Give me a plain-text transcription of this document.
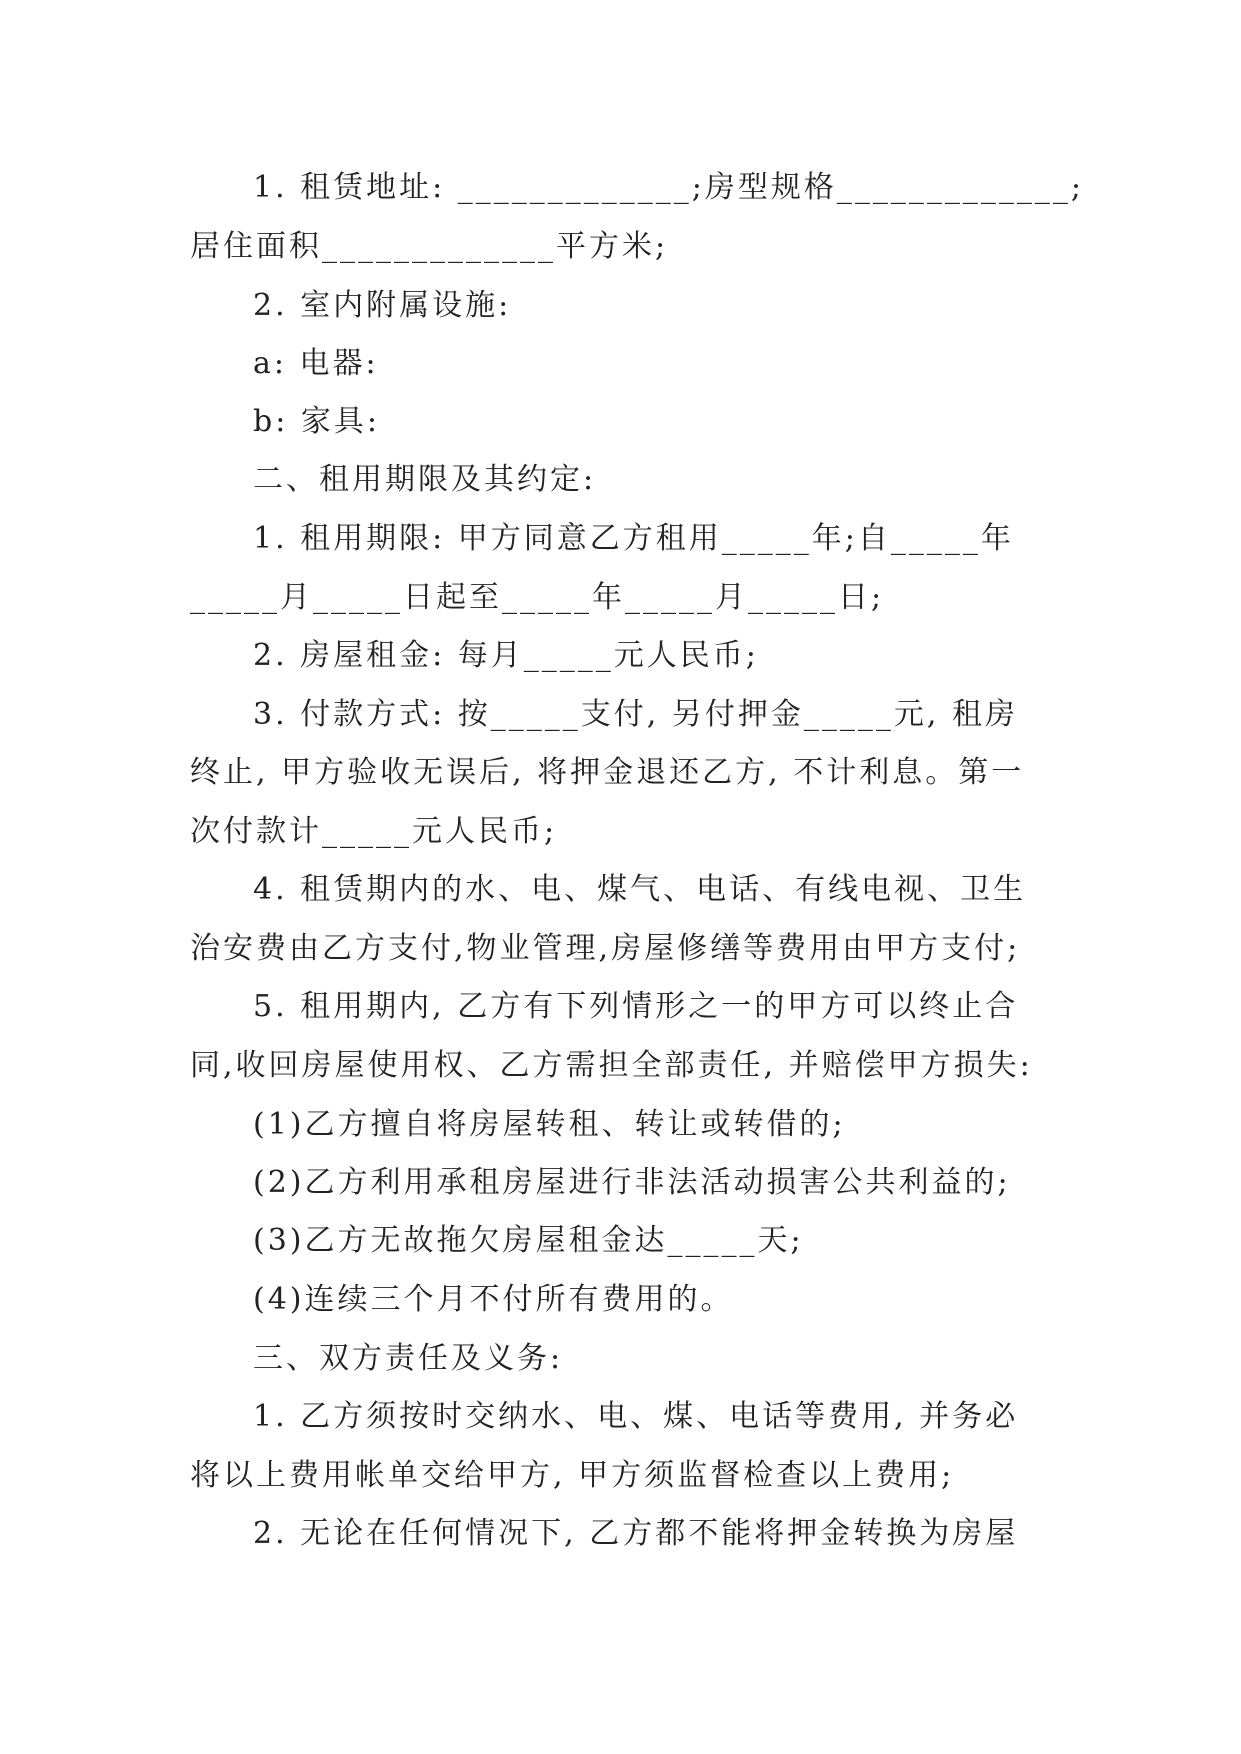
1. 租赁地址: _____________;房型规格_____________;
居住面积_____________平方米;
2. 室内附属设施:
a: 电器:
b: 家具:
二、租用期限及其约定:
1. 租用期限: 甲方同意乙方租用_____年;自_____年
_____月_____日起至_____年_____月_____日;
2. 房屋租金: 每月_____元人民币;
3. 付款方式: 按_____支付, 另付押金_____元, 租房
终止, 甲方验收无误后, 将押金退还乙方, 不计利息。第一
次付款计_____元人民币;
4. 租赁期内的水、电、煤气、电话、有线电视、卫生
治安费由乙方支付,物业管理,房屋修缮等费用由甲方支付;
5. 租用期内, 乙方有下列情形之一的甲方可以终止合
同,收回房屋使用权、乙方需担全部责任, 并赔偿甲方损失:
(1)乙方擅自将房屋转租、转让或转借的;
(2)乙方利用承租房屋进行非法活动损害公共利益的;
(3)乙方无故拖欠房屋租金达_____天;
(4)连续三个月不付所有费用的。
三、双方责任及义务:
1. 乙方须按时交纳水、电、煤、电话等费用, 并务必
将以上费用帐单交给甲方, 甲方须监督检查以上费用;
2. 无论在任何情况下, 乙方都不能将押金转换为房屋
